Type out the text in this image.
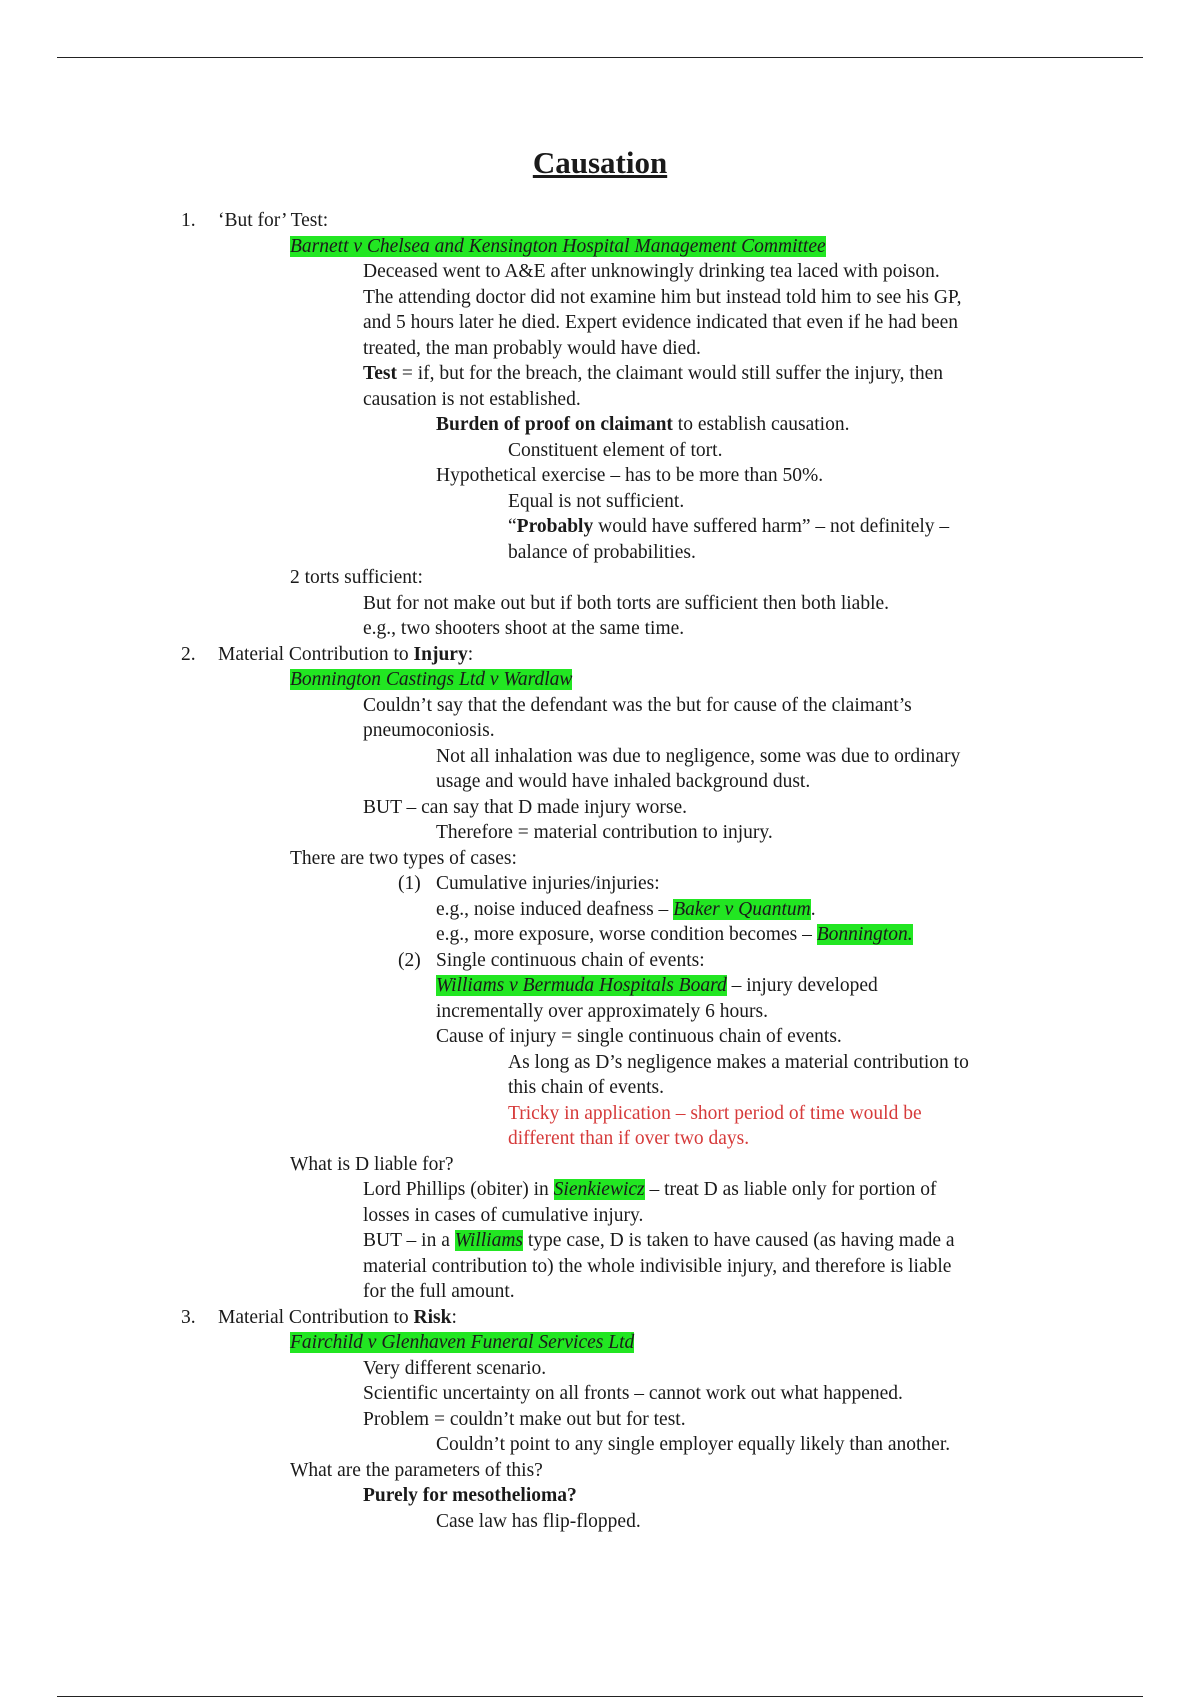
Causation
1. ‘But for’ Test:
Barnett v Chelsea and Kensington Hospital Management Committee
Deceased went to A&E after unknowingly drinking tea laced with poison.
The attending doctor did not examine him but instead told him to see his GP,
and 5 hours later he died. Expert evidence indicated that even if he had been
treated, the man probably would have died.
Test = if, but for the breach, the claimant would still suffer the injury, then
causation is not established.
Burden of proof on claimant to establish causation.
Constituent element of tort.
Hypothetical exercise – has to be more than 50%.
Equal is not sufficient.
“Probably would have suffered harm” – not definitely –
balance of probabilities.
2 torts sufficient:
But for not make out but if both torts are sufficient then both liable.
e.g., two shooters shoot at the same time.
2. Material Contribution to Injury:
Bonnington Castings Ltd v Wardlaw
Couldn’t say that the defendant was the but for cause of the claimant’s
pneumoconiosis.
Not all inhalation was due to negligence, some was due to ordinary
usage and would have inhaled background dust.
BUT – can say that D made injury worse.
Therefore = material contribution to injury.
There are two types of cases:
(1) Cumulative injuries/injuries:
e.g., noise induced deafness – Baker v Quantum.
e.g., more exposure, worse condition becomes – Bonnington.
(2) Single continuous chain of events:
Williams v Bermuda Hospitals Board – injury developed
incrementally over approximately 6 hours.
Cause of injury = single continuous chain of events.
As long as D’s negligence makes a material contribution to
this chain of events.
Tricky in application – short period of time would be
different than if over two days.
What is D liable for?
Lord Phillips (obiter) in Sienkiewicz – treat D as liable only for portion of
losses in cases of cumulative injury.
BUT – in a Williams type case, D is taken to have caused (as having made a
material contribution to) the whole indivisible injury, and therefore is liable
for the full amount.
3. Material Contribution to Risk:
Fairchild v Glenhaven Funeral Services Ltd
Very different scenario.
Scientific uncertainty on all fronts – cannot work out what happened.
Problem = couldn’t make out but for test.
Couldn’t point to any single employer equally likely than another.
What are the parameters of this?
Purely for mesothelioma?
Case law has flip-flopped.
